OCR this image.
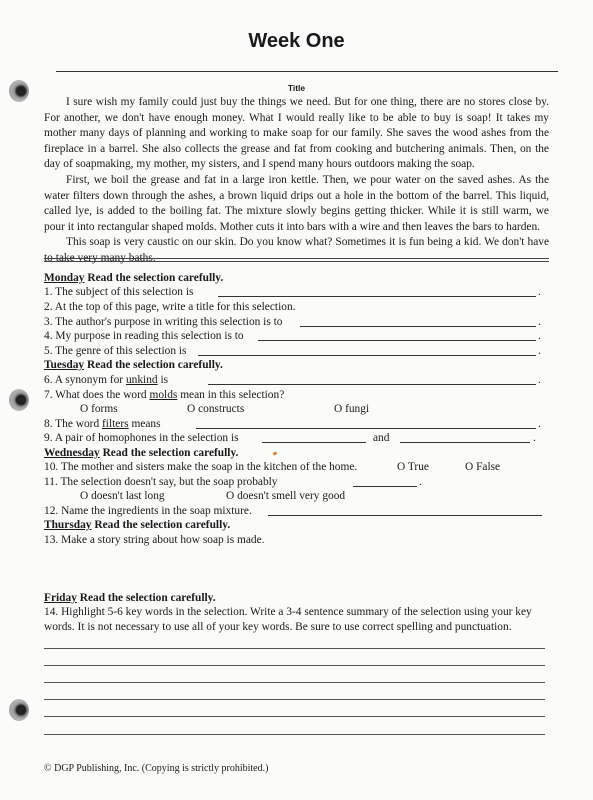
Week One
Title

I sure wish my family could just buy the things we need. But for one thing, there are no stores close by. For another, we don't have enough money. What I would really like to be able to buy is soap! It takes my mother many days of planning and working to make soap for our family. She saves the wood ashes from the fireplace in a barrel. She also collects the grease and fat from cooking and butchering animals. Then, on the day of soapmaking, my mother, my sisters, and I spend many hours outdoors making the soap.

First, we boil the grease and fat in a large iron kettle. Then, we pour water on the saved ashes. As the water filters down through the ashes, a brown liquid drips out a hole in the bottom of the barrel. This liquid, called lye, is added to the boiling fat. The mixture slowly begins getting thicker. While it is still warm, we pour it into rectangular shaped molds. Mother cuts it into bars with a wire and then leaves the bars to harden.

This soap is very caustic on our skin. Do you know what? Sometimes it is fun being a kid. We don't have to take very many baths.

Monday Read the selection carefully.
1. The subject of this selection is	.
2. At the top of this page, write a title for this selection.
3. The author's purpose in writing this selection is to	.
4. My purpose in reading this selection is to	.
5. The genre of this selection is	.
Tuesday Read the selection carefully.
6. A synonym for unkind is	.
7. What does the word molds mean in this selection?
O forms	O constructs	O fungi
8. The word filters means	.
9. A pair of homophones in the selection is	and	.
Wednesday Read the selection carefully.
10. The mother and sisters make the soap in the kitchen of the home.	O True	O False
11. The selection doesn't say, but the soap probably	.
O doesn't last long	O doesn't smell very good
12. Name the ingredients in the soap mixture.
Thursday Read the selection carefully.
13. Make a story string about how soap is made.
Friday Read the selection carefully.
14. Highlight 5-6 key words in the selection. Write a 3-4 sentence summary of the selection using your key
words. It is not necessary to use all of your key words. Be sure to use correct spelling and punctuation.
© DGP Publishing, Inc. (Copying is strictly prohibited.)
